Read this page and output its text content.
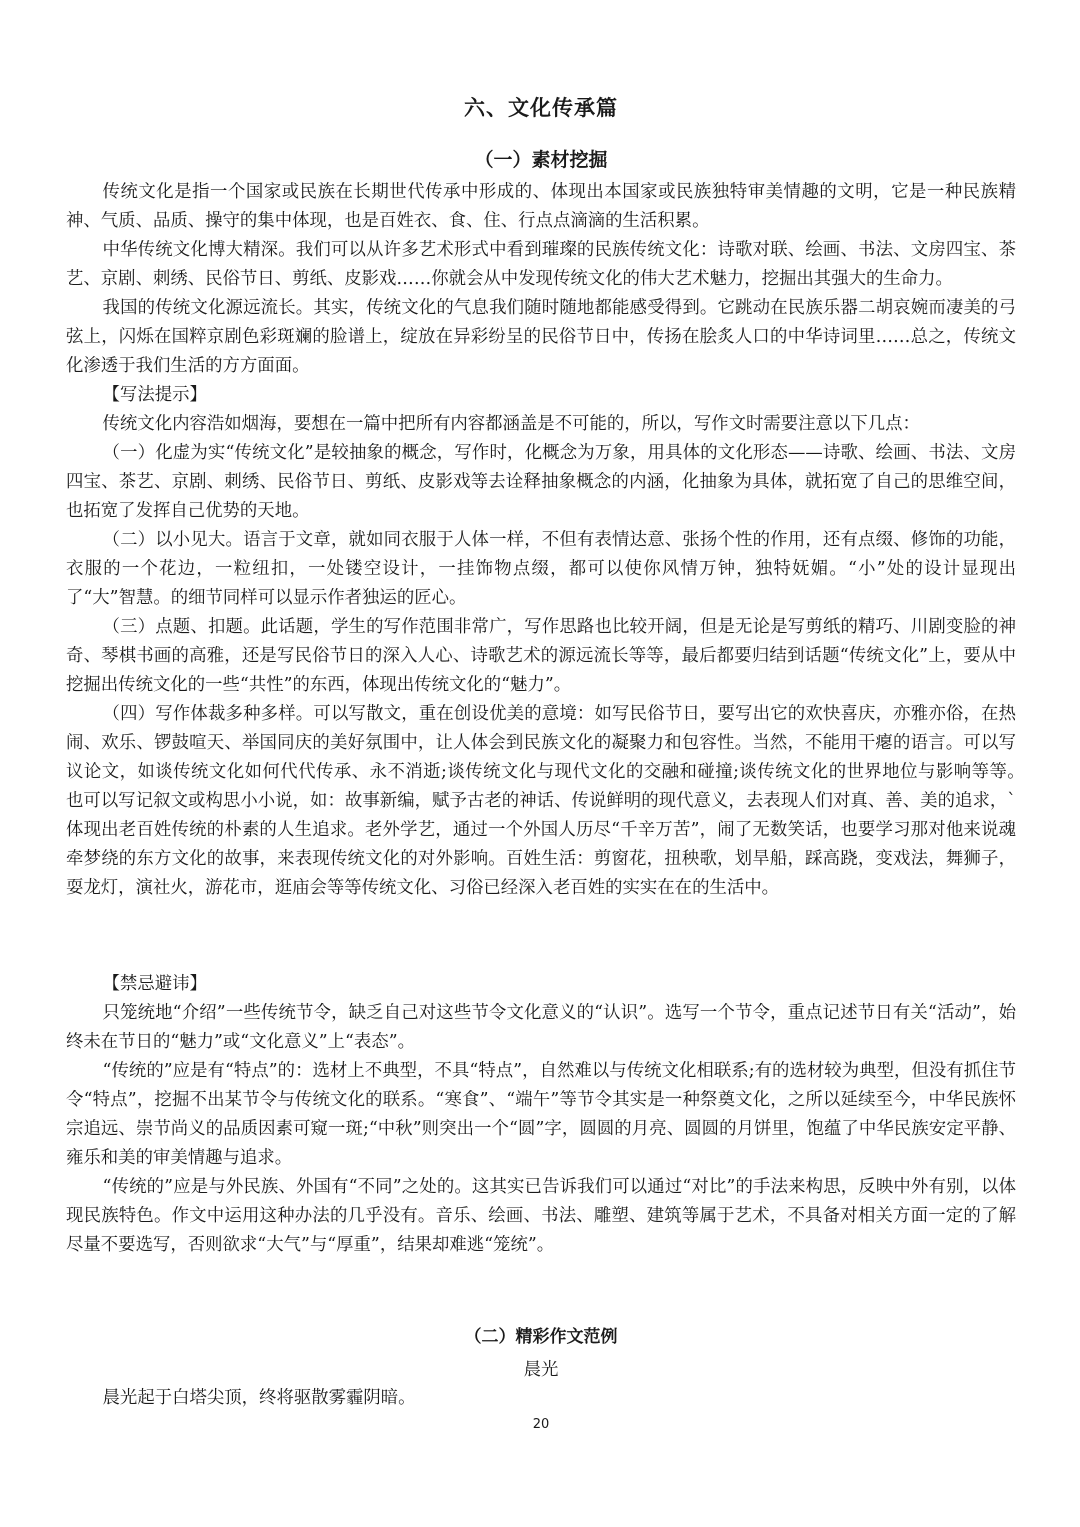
六、文化传承篇
（一）素材挖掘

传统文化是指一个国家或民族在长期世代传承中形成的、体现出本国家或民族独特审美情趣的文明，它是一种民族精神、气质、品质、操守的集中体现，也是百姓衣、食、住、行点点滴滴的生活积累。

中华传统文化博大精深。我们可以从许多艺术形式中看到璀璨的民族传统文化：诗歌对联、绘画、书法、文房四宝、茶艺、京剧、刺绣、民俗节日、剪纸、皮影戏……你就会从中发现传统文化的伟大艺术魅力，挖掘出其强大的生命力。

我国的传统文化源远流长。其实，传统文化的气息我们随时随地都能感受得到。它跳动在民族乐器二胡哀婉而凄美的弓弦上，闪烁在国粹京剧色彩斑斓的脸谱上，绽放在异彩纷呈的民俗节日中，传扬在脍炙人口的中华诗词里……总之，传统文化渗透于我们生活的方方面面。

【写法提示】

传统文化内容浩如烟海，要想在一篇中把所有内容都涵盖是不可能的，所以，写作文时需要注意以下几点：

（一）化虚为实“传统文化”是较抽象的概念，写作时，化概念为万象，用具体的文化形态——诗歌、绘画、书法、文房四宝、茶艺、京剧、刺绣、民俗节日、剪纸、皮影戏等去诠释抽象概念的内涵，化抽象为具体，就拓宽了自己的思维空间，也拓宽了发挥自己优势的天地。

（二）以小见大。语言于文章，就如同衣服于人体一样，不但有表情达意、张扬个性的作用，还有点缀、修饰的功能，衣服的一个花边，一粒纽扣，一处镂空设计，一挂饰物点缀，都可以使你风情万钟，独特妩媚。“小”处的设计显现出了“大”智慧。的细节同样可以显示作者独运的匠心。

（三）点题、扣题。此话题，学生的写作范围非常广，写作思路也比较开阔，但是无论是写剪纸的精巧、川剧变脸的神奇、琴棋书画的高雅，还是写民俗节日的深入人心、诗歌艺术的源远流长等等，最后都要归结到话题“传统文化”上，要从中挖掘出传统文化的一些“共性”的东西，体现出传统文化的“魅力”。

（四）写作体裁多种多样。可以写散文，重在创设优美的意境：如写民俗节日，要写出它的欢快喜庆，亦雅亦俗，在热闹、欢乐、锣鼓喧天、举国同庆的美好氛围中，让人体会到民族文化的凝聚力和包容性。当然，不能用干瘪的语言。可以写议论文，如谈传统文化如何代代传承、永不消逝;谈传统文化与现代文化的交融和碰撞;谈传统文化的世界地位与影响等等。　　也可以写记叙文或构思小小说，如：故事新编，赋予古老的神话、传说鲜明的现代意义，去表现人们对真、善、美的追求，`体现出老百姓传统的朴素的人生追求。老外学艺，通过一个外国人历尽“千辛万苦”，闹了无数笑话，也要学习那对他来说魂牵梦绕的东方文化的故事，来表现传统文化的对外影响。百姓生活：剪窗花，扭秧歌，划旱船，踩高跷，变戏法，舞狮子，耍龙灯，演社火，游花市，逛庙会等等传统文化、习俗已经深入老百姓的实实在在的生活中。

【禁忌避讳】

只笼统地“介绍”一些传统节令，缺乏自己对这些节令文化意义的“认识”。选写一个节令，重点记述节日有关“活动”，始终未在节日的“魅力”或“文化意义”上“表态”。

“传统的”应是有“特点”的：选材上不典型，不具“特点”，自然难以与传统文化相联系;有的选材较为典型，但没有抓住节令“特点”，挖掘不出某节令与传统文化的联系。“寒食”、“端午”等节令其实是一种祭奠文化，之所以延续至今，中华民族怀宗追远、崇节尚义的品质因素可窥一斑;“中秋”则突出一个“圆”字，圆圆的月亮、圆圆的月饼里，饱蕴了中华民族安定平静、雍乐和美的审美情趣与追求。

“传统的”应是与外民族、外国有“不同”之处的。这其实已告诉我们可以通过“对比”的手法来构思，反映中外有别，以体现民族特色。作文中运用这种办法的几乎没有。音乐、绘画、书法、雕塑、建筑等属于艺术，不具备对相关方面一定的了解尽量不要选写，否则欲求“大气”与“厚重”，结果却难逃“笼统”。

（二）精彩作文范例
晨光
晨光起于白塔尖顶，终将驱散雾霾阴暗。
20
